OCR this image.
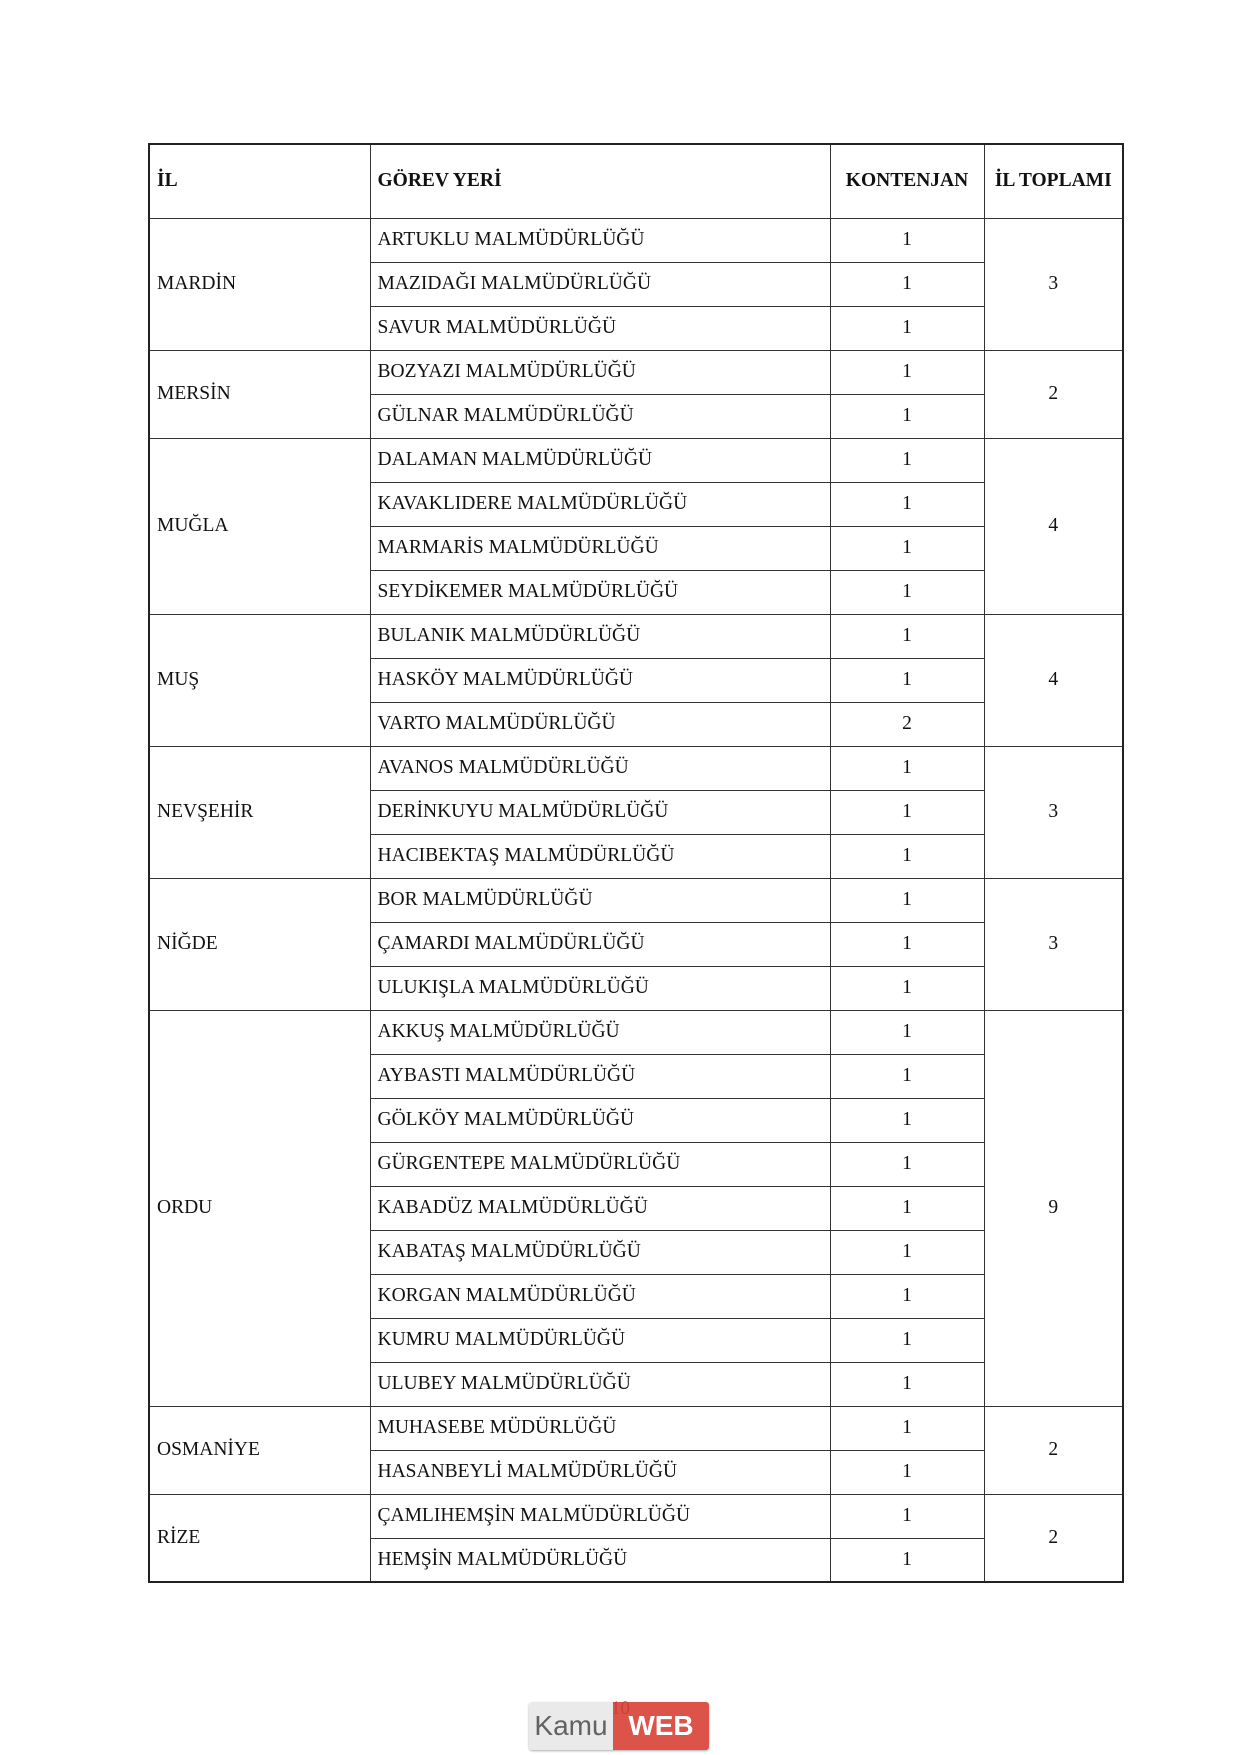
İL	GÖREV YERİ	KONTENJAN	İL TOPLAMI
MARDİN	ARTUKLU MALMÜDÜRLÜĞÜ	1	3
	MAZIDAĞI MALMÜDÜRLÜĞÜ	1	
	SAVUR MALMÜDÜRLÜĞÜ	1	
MERSİN	BOZYAZI MALMÜDÜRLÜĞÜ	1	2
	GÜLNAR MALMÜDÜRLÜĞÜ	1	
MUĞLA	DALAMAN MALMÜDÜRLÜĞÜ	1	4
	KAVAKLIDERE MALMÜDÜRLÜĞÜ	1	
	MARMARİS MALMÜDÜRLÜĞÜ	1	
	SEYDİKEMER MALMÜDÜRLÜĞÜ	1	
MUŞ	BULANIK MALMÜDÜRLÜĞÜ	1	4
	HASKÖY MALMÜDÜRLÜĞÜ	1	
	VARTO MALMÜDÜRLÜĞÜ	2	
NEVŞEHİR	AVANOS MALMÜDÜRLÜĞÜ	1	3
	DERİNKUYU MALMÜDÜRLÜĞÜ	1	
	HACIBEKTAŞ MALMÜDÜRLÜĞÜ	1	
NİĞDE	BOR MALMÜDÜRLÜĞÜ	1	3
	ÇAMARDI MALMÜDÜRLÜĞÜ	1	
	ULUKIŞLA MALMÜDÜRLÜĞÜ	1	
ORDU	AKKUŞ MALMÜDÜRLÜĞÜ	1	9
	AYBASTI MALMÜDÜRLÜĞÜ	1	
	GÖLKÖY MALMÜDÜRLÜĞÜ	1	
	GÜRGENTEPE MALMÜDÜRLÜĞÜ	1	
	KABADÜZ MALMÜDÜRLÜĞÜ	1	
	KABATAŞ MALMÜDÜRLÜĞÜ	1	
	KORGAN MALMÜDÜRLÜĞÜ	1	
	KUMRU MALMÜDÜRLÜĞÜ	1	
	ULUBEY MALMÜDÜRLÜĞÜ	1	
OSMANİYE	MUHASEBE MÜDÜRLÜĞÜ	1	2
	HASANBEYLİ MALMÜDÜRLÜĞÜ	1	
RİZE	ÇAMLIHEMŞİN MALMÜDÜRLÜĞÜ	1	2
	HEMŞİN MALMÜDÜRLÜĞÜ	1	
Kamu WEB
